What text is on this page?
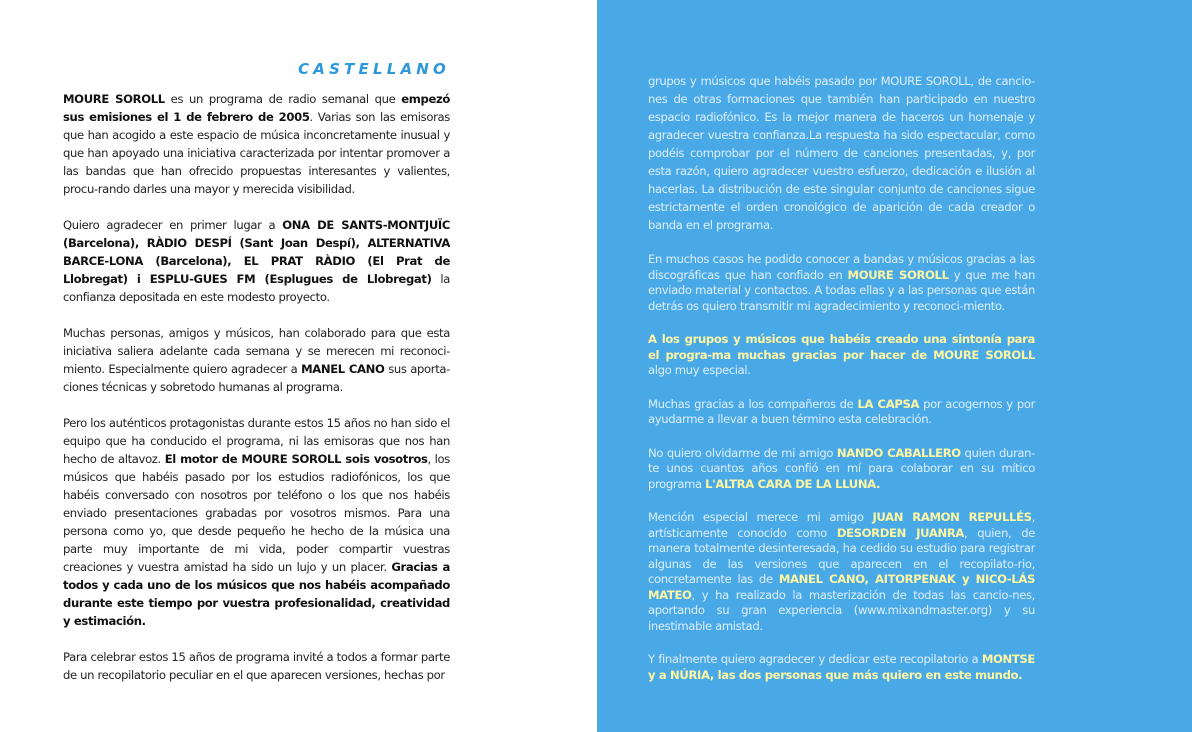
CASTELLANO

MOURE SOROLL es un programa de radio semanal que empezó sus emisiones el 1 de febrero de 2005. Varias son las emisoras que han acogido a este espacio de música inconcretamente inusual y que han apoyado una iniciativa caracterizada por intentar promover a las bandas que han ofrecido propuestas interesantes y valientes, procu-rando darles una mayor y merecida visibilidad.

Quiero agradecer en primer lugar a ONA DE SANTS-MONTJUÏC (Barcelona), RÀDIO DESPÍ (Sant Joan Despí), ALTERNATIVA BARCE-LONA (Barcelona), EL PRAT RÀDIO (El Prat de Llobregat) i ESPLU-GUES FM (Esplugues de Llobregat) la confianza depositada en este modesto proyecto.

Muchas personas, amigos y músicos, han colaborado para que esta iniciativa saliera adelante cada semana y se merecen mi reconoci-miento. Especialmente quiero agradecer a MANEL CANO sus aporta-ciones técnicas y sobretodo humanas al programa.

Pero los auténticos protagonistas durante estos 15 años no han sido el equipo que ha conducido el programa, ni las emisoras que nos han hecho de altavoz. El motor de MOURE SOROLL sois vosotros, los músicos que habéis pasado por los estudios radiofónicos, los que habéis conversado con nosotros por teléfono o los que nos habéis enviado presentaciones grabadas por vosotros mismos. Para una persona como yo, que desde pequeño he hecho de la música una parte muy importante de mi vida, poder compartir vuestras creaciones y vuestra amistad ha sido un lujo y un placer. Gracias a todos y cada uno de los músicos que nos habéis acompañado durante este tiempo por vuestra profesionalidad, creatividad y estimación.

Para celebrar estos 15 años de programa invité a todos a formar parte de un recopilatorio peculiar en el que aparecen versiones, hechas por

grupos y músicos que habéis pasado por MOURE SOROLL, de cancio-nes de otras formaciones que también han participado en nuestro espacio radiofónico. Es la mejor manera de haceros un homenaje y agradecer vuestra confianza.La respuesta ha sido espectacular, como podéis comprobar por el número de canciones presentadas, y, por esta razón, quiero agradecer vuestro esfuerzo, dedicación e ilusión al hacerlas. La distribución de este singular conjunto de canciones sigue estrictamente el orden cronológico de aparición de cada creador o banda en el programa.

En muchos casos he podido conocer a bandas y músicos gracias a las discográficas que han confiado en MOURE SOROLL y que me han enviado material y contactos. A todas ellas y a las personas que están detrás os quiero transmitir mi agradecimiento y reconoci-miento.

A los grupos y músicos que habéis creado una sintonía para el progra-ma muchas gracias por hacer de MOURE SOROLL algo muy especial.

Muchas gracias a los compañeros de LA CAPSA por acogernos y por ayudarme a llevar a buen término esta celebración.

No quiero olvidarme de mi amigo NANDO CABALLERO quien duran-te unos cuantos años confió en mí para colaborar en su mítico programa L'ALTRA CARA DE LA LLUNA.

Mención especial merece mi amigo JUAN RAMON REPULLÉS, artísticamente conocido como DESORDEN JUANRA, quien, de manera totalmente desinteresada, ha cedido su estudio para registrar algunas de las versiones que aparecen en el recopilato-rio, concretamente las de MANEL CANO, AITORPENAK y NICO-LÁS MATEO, y ha realizado la masterización de todas las cancio-nes, aportando su gran experiencia (www.mixandmaster.org) y su inestimable amistad.

Y finalmente quiero agradecer y dedicar este recopilatorio a MONTSE y a NÚRIA, las dos personas que más quiero en este mundo.
